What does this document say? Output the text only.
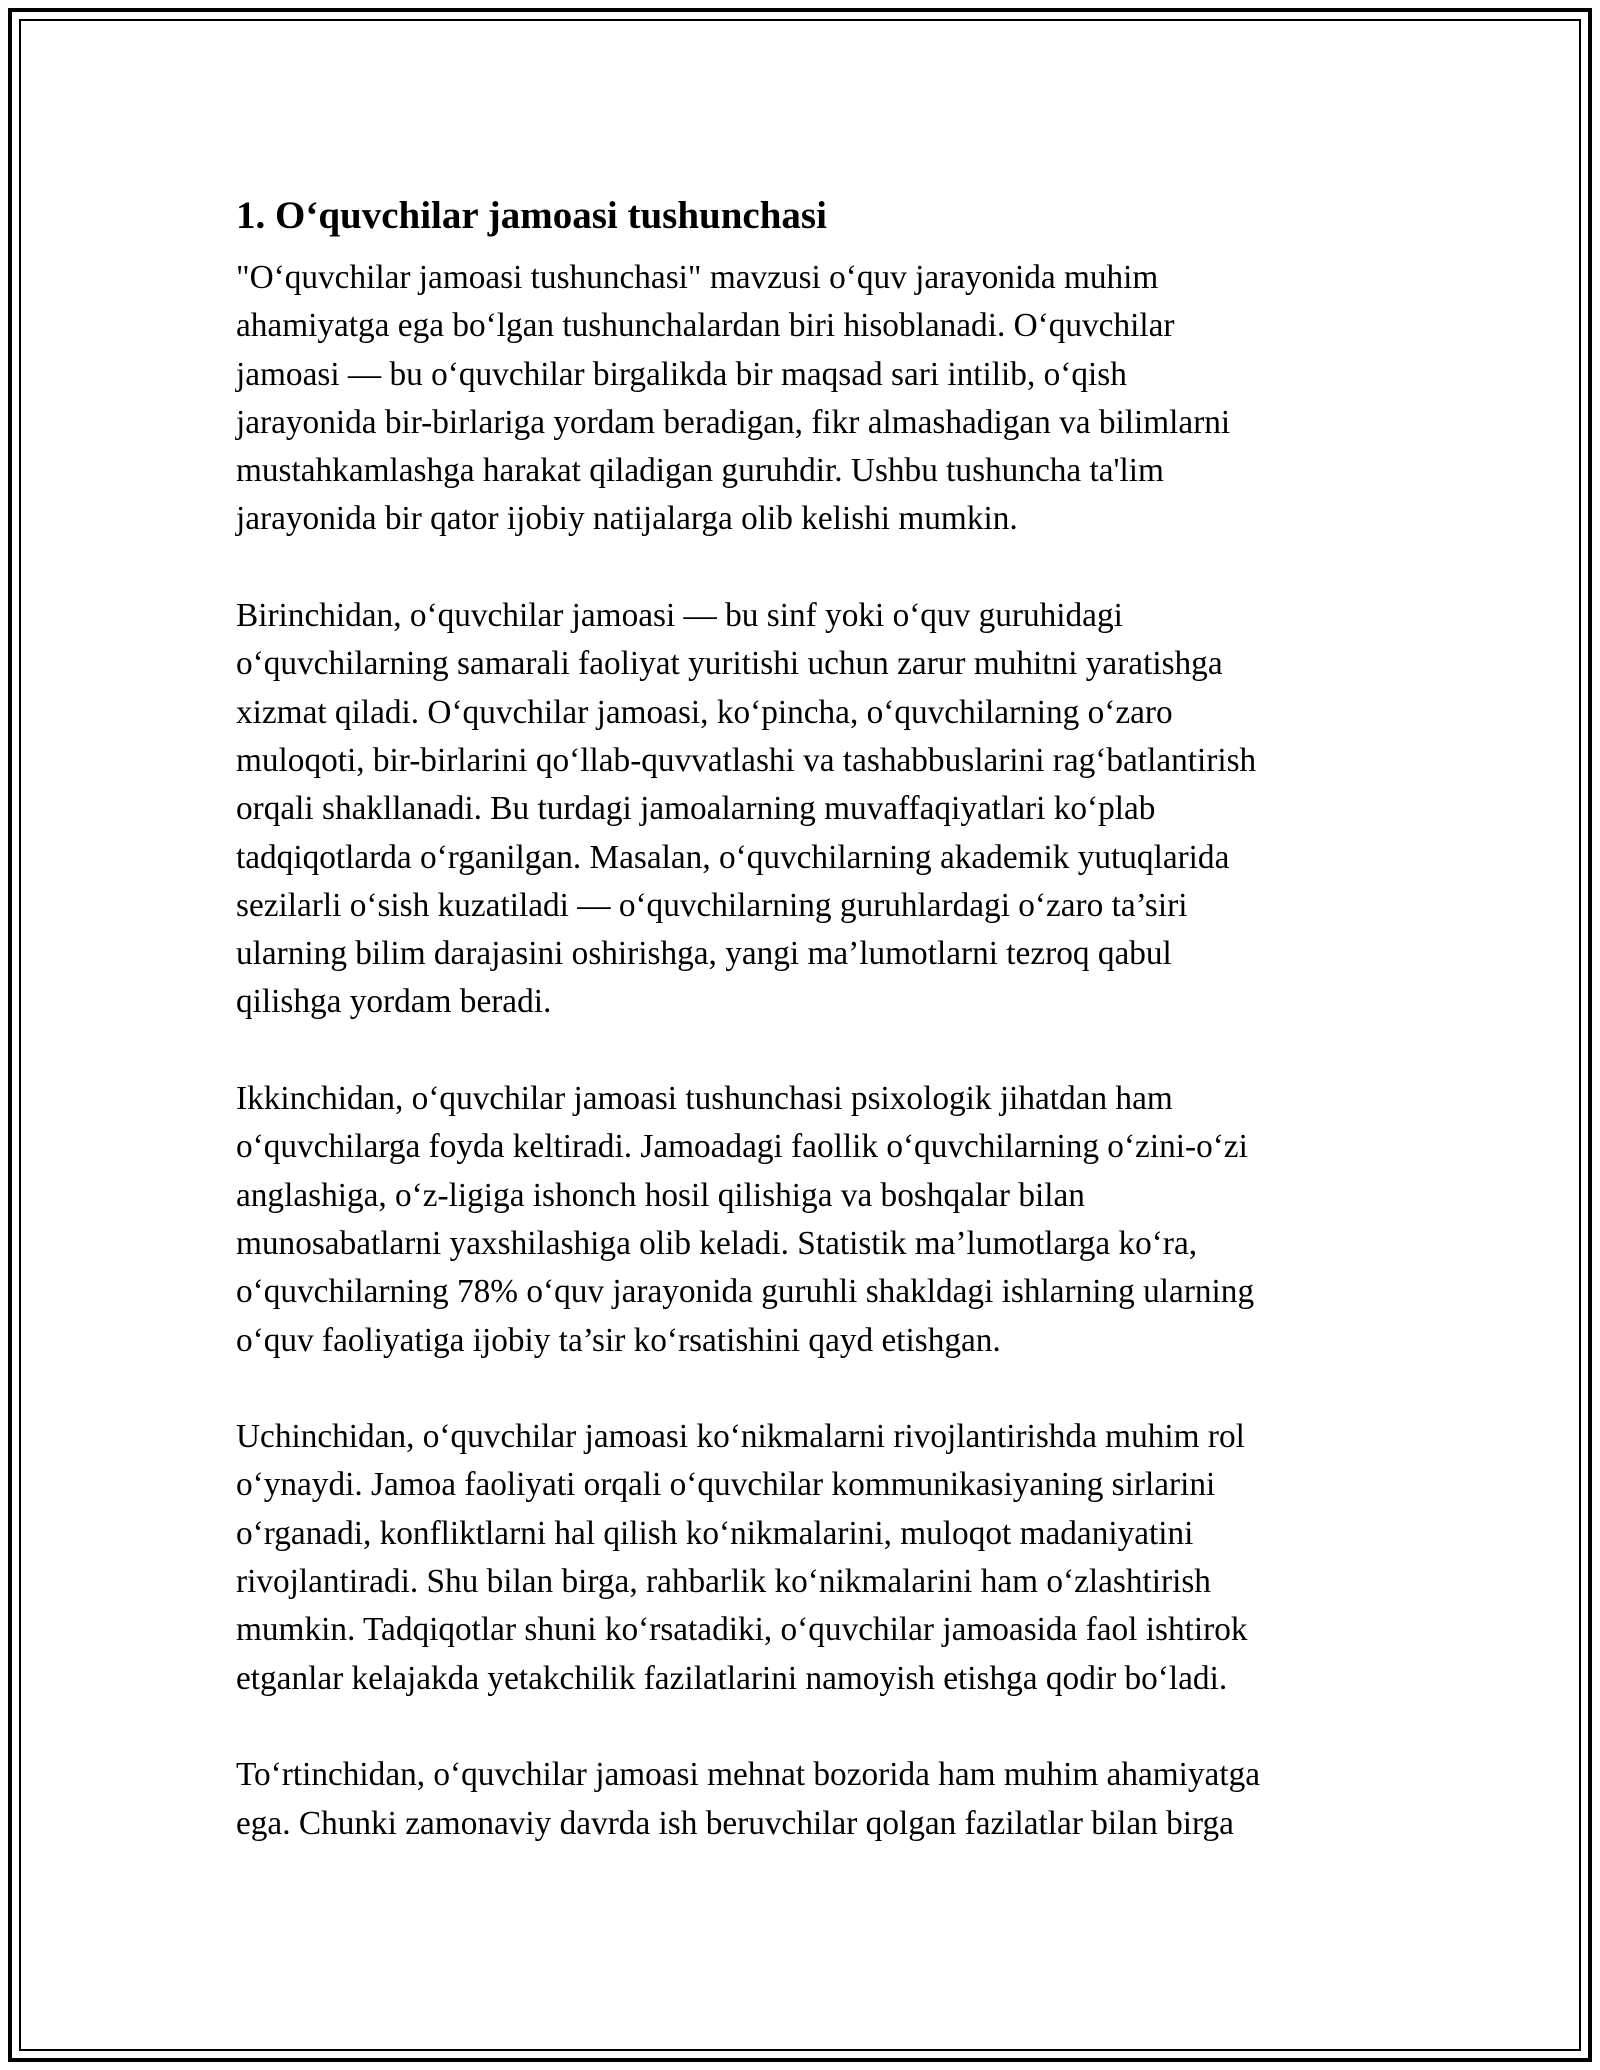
1. O‘quvchilar jamoasi tushunchasi

"O‘quvchilar jamoasi tushunchasi" mavzusi o‘quv jarayonida muhim
ahamiyatga ega bo‘lgan tushunchalardan biri hisoblanadi. O‘quvchilar
jamoasi — bu o‘quvchilar birgalikda bir maqsad sari intilib, o‘qish
jarayonida bir-birlariga yordam beradigan, fikr almashadigan va bilimlarni
mustahkamlashga harakat qiladigan guruhdir. Ushbu tushuncha ta'lim
jarayonida bir qator ijobiy natijalarga olib kelishi mumkin.

Birinchidan, o‘quvchilar jamoasi — bu sinf yoki o‘quv guruhidagi
o‘quvchilarning samarali faoliyat yuritishi uchun zarur muhitni yaratishga
xizmat qiladi. O‘quvchilar jamoasi, ko‘pincha, o‘quvchilarning o‘zaro
muloqoti, bir-birlarini qo‘llab-quvvatlashi va tashabbuslarini rag‘batlantirish
orqali shakllanadi. Bu turdagi jamoalarning muvaffaqiyatlari ko‘plab
tadqiqotlarda o‘rganilgan. Masalan, o‘quvchilarning akademik yutuqlarida
sezilarli o‘sish kuzatiladi — o‘quvchilarning guruhlardagi o‘zaro ta’siri
ularning bilim darajasini oshirishga, yangi ma’lumotlarni tezroq qabul
qilishga yordam beradi.

Ikkinchidan, o‘quvchilar jamoasi tushunchasi psixologik jihatdan ham
o‘quvchilarga foyda keltiradi. Jamoadagi faollik o‘quvchilarning o‘zini-o‘zi
anglashiga, o‘z-ligiga ishonch hosil qilishiga va boshqalar bilan
munosabatlarni yaxshilashiga olib keladi. Statistik ma’lumotlarga ko‘ra,
o‘quvchilarning 78% o‘quv jarayonida guruhli shakldagi ishlarning ularning
o‘quv faoliyatiga ijobiy ta’sir ko‘rsatishini qayd etishgan.

Uchinchidan, o‘quvchilar jamoasi ko‘nikmalarni rivojlantirishda muhim rol
o‘ynaydi. Jamoa faoliyati orqali o‘quvchilar kommunikasiyaning sirlarini
o‘rganadi, konfliktlarni hal qilish ko‘nikmalarini, muloqot madaniyatini
rivojlantiradi. Shu bilan birga, rahbarlik ko‘nikmalarini ham o‘zlashtirish
mumkin. Tadqiqotlar shuni ko‘rsatadiki, o‘quvchilar jamoasida faol ishtirok
etganlar kelajakda yetakchilik fazilatlarini namoyish etishga qodir bo‘ladi.

To‘rtinchidan, o‘quvchilar jamoasi mehnat bozorida ham muhim ahamiyatga
ega. Chunki zamonaviy davrda ish beruvchilar qolgan fazilatlar bilan birga
